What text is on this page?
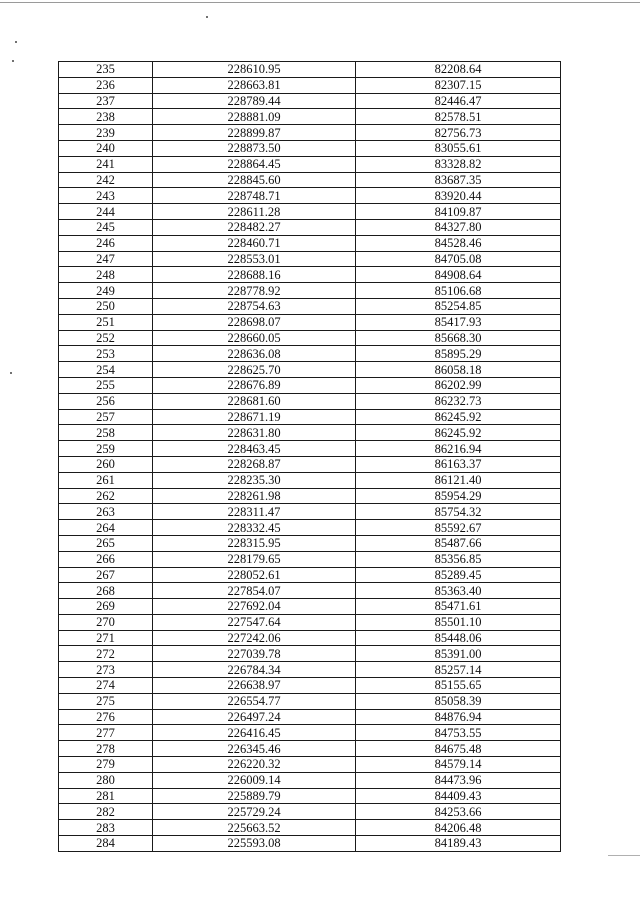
235	228610.95	82208.64
236	228663.81	82307.15
237	228789.44	82446.47
238	228881.09	82578.51
239	228899.87	82756.73
240	228873.50	83055.61
241	228864.45	83328.82
242	228845.60	83687.35
243	228748.71	83920.44
244	228611.28	84109.87
245	228482.27	84327.80
246	228460.71	84528.46
247	228553.01	84705.08
248	228688.16	84908.64
249	228778.92	85106.68
250	228754.63	85254.85
251	228698.07	85417.93
252	228660.05	85668.30
253	228636.08	85895.29
254	228625.70	86058.18
255	228676.89	86202.99
256	228681.60	86232.73
257	228671.19	86245.92
258	228631.80	86245.92
259	228463.45	86216.94
260	228268.87	86163.37
261	228235.30	86121.40
262	228261.98	85954.29
263	228311.47	85754.32
264	228332.45	85592.67
265	228315.95	85487.66
266	228179.65	85356.85
267	228052.61	85289.45
268	227854.07	85363.40
269	227692.04	85471.61
270	227547.64	85501.10
271	227242.06	85448.06
272	227039.78	85391.00
273	226784.34	85257.14
274	226638.97	85155.65
275	226554.77	85058.39
276	226497.24	84876.94
277	226416.45	84753.55
278	226345.46	84675.48
279	226220.32	84579.14
280	226009.14	84473.96
281	225889.79	84409.43
282	225729.24	84253.66
283	225663.52	84206.48
284	225593.08	84189.43
